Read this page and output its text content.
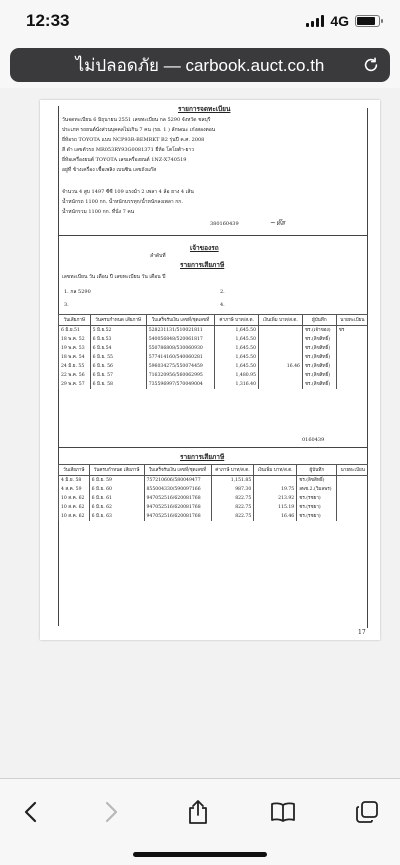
12:33	4G
ไม่ปลอดภัย — carbook.auct.co.th
รายการจดทะเบียน
วันจดทะเบียน 6 มิถุนายน 2551 เลขทะเบียน กล 5290 จังหวัด ชลบุรี
ประเภท รถยนต์นั่งส่วนบุคคลไม่เกิน 7 คน (รย. 1 ) ลักษณะ เก๋งสองตอน
ยี่ห้อรถ TOYOTA แบบ NCP93R-BEMRKT B2 รุ่นปี ค.ศ. 2008
สี ดำ เลขตัวรถ MR053RY93G0081371 ยี่ห้อ โตโยต้า-ยาว
ยี่ห้อเครื่องยนต์ TOYOTA เลขเครื่องยนต์ 1NZ-X740519
อยู่ที่ ข้างเครื่อง เชื้อเพลิง เบนซิน เลขถังแก๊ส
จำนวน 4 สูบ 1497 ซีซี 109 แรงม้า 2 เพลา 4 ล้อ ยาง 4 เส้น
น้ำหนักรถ 1100 กก. น้ำหนักบรรทุก/น้ำหนักลงเพลา กก.
น้ำหนักรวม 1100 กก. ที่นั่ง 7 คน
~ห๊ส
380160439
เจ้าของรถ
ลำดับที่
รายการเสียภาษี
เลขทะเบียน วัน เดือน ปี เลขทะเบียน วัน เดือน ปี
1. กล 5290	2.
3.	4.
วันเสียภาษี	วันครบกำหนด เสียภาษี	ใบเสร็จรับเงิน เลขที่/ชุดเลขที่	ค่าภาษี บาท/ส.ต.	เงินเพิ่ม บาท/ส.ต.	ผู้บันทึก	นายทะเบียน
6 มิ.ย.51	5 มิ.ย.52	528231131/510021811	1,645.50		ชร.(เจ้าของ)	ชร
18 พ.ค. 52	6 มิ.ย.53	540056848/520061817	1,645.50		ชร.(ลิขสิทธิ์)	
19 พ.ค. 53	6 มิ.ย.54	550786808/530060930	1,645.50		ชร.(ลิขสิทธิ์)	
18 พ.ค. 54	6 มิ.ย. 55	577414160/540060281	1,645.50		ชร.(ลิขสิทธิ์)	
24 มิ.ย. 55	6 มิ.ย. 56	596034275/550074459	1,645.50	16.46	ชร.(ลิขสิทธิ์)	
22 พ.ค. 56	6 มิ.ย. 57	716320956/560062995	1,480.95		ชร.(ลิขสิทธิ์)	
29 พ.ค. 57	6 มิ.ย. 58	735596997/570049004	1,316.40		ชร.(ลิขสิทธิ์)	
0160439
รายการเสียภาษี
วันเสียภาษี	วันครบกำหนด เสียภาษี	ใบเสร็จรับเงิน เลขที่/ชุดเลขที่	ค่าภาษี บาท/ส.ต.	เงินเพิ่ม บาท/ส.ต.	ผู้บันทึก	นายทะเบียน
4 มิ.ย. 58	6 มิ.ย. 59	757210606/580049477	1,151.85		ชร.(ลิขสิทธิ์)	
4 ส.ค. 59	6 มิ.ย. 60	855004330/590097166	987.30	19.75	ลพช.2.(วิมลพร)	
10 ส.ค. 62	6 มิ.ย. 61	947052516/620081768	822.75	213.92	ชร.(รชยา)	
10 ส.ค. 62	6 มิ.ย. 62	947052516/620081768	822.75	115.19	ชร.(รชยา)	
10 ส.ค. 62	6 มิ.ย. 63	947052516/620081768	822.75	16.46	ชร.(รชยา)	
17
